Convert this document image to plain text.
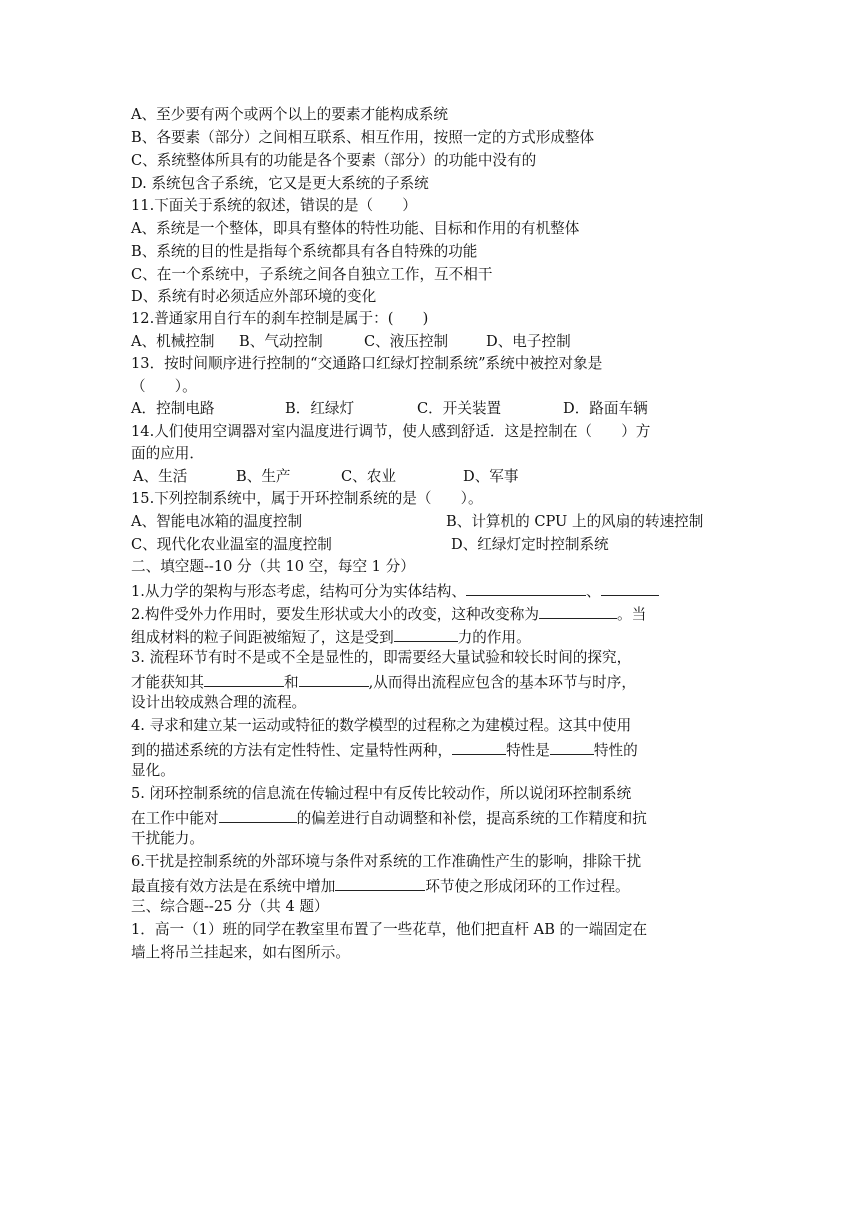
A、至少要有两个或两个以上的要素才能构成系统
B、各要素（部分）之间相互联系、相互作用，按照一定的方式形成整体
C、系统整体所具有的功能是各个要素（部分）的功能中没有的
D. 系统包含子系统，它又是更大系统的子系统
11.下面关于系统的叙述，错误的是（　　）
A、系统是一个整体，即具有整体的特性功能、目标和作用的有机整体
B、系统的目的性是指每个系统都具有各自特殊的功能
C、在一个系统中，子系统之间各自独立工作，互不相干
D、系统有时必须适应外部环境的变化
12.普通家用自行车的刹车控制是属于：(　　)
A、机械控制 B、气动控制	C、液压控制	D、电子控制
13．按时间顺序进行控制的“交通路口红绿灯控制系统”系统中被控对象是
（　　）。
A．控制电路	B．红绿灯	C．开关装置	D．路面车辆
14.人们使用空调器对室内温度进行调节，使人感到舒适．这是控制在（　　）方
面的应用．
A、生活	B、生产	C、农业	D、军事
15.下列控制系统中，属于开环控制系统的是（　　）。
A、智能电冰箱的温度控制	B、计算机的 CPU 上的风扇的转速控制
C、现代化农业温室的温度控制	D、红绿灯定时控制系统
二、填空题--10 分（共 10 空，每空 1 分）
1.从力学的架构与形态考虑，结构可分为实体结构、	、
2.构件受外力作用时，要发生形状或大小的改变，这种改变称为	。当
组成材料的粒子间距被缩短了，这是受到	力的作用。
3. 流程环节有时不是或不全是显性的，即需要经大量试验和较长时间的探究，
才能获知其	和	,从而得出流程应包含的基本环节与时序，
设计出较成熟合理的流程。
4. 寻求和建立某一运动或特征的数学模型的过程称之为建模过程。这其中使用
到的描述系统的方法有定性特性、定量特性两种，	特性是	特性的
显化。
5. 闭环控制系统的信息流在传输过程中有反传比较动作，所以说闭环控制系统
在工作中能对	的偏差进行自动调整和补偿，提高系统的工作精度和抗
干扰能力。
6.干扰是控制系统的外部环境与条件对系统的工作准确性产生的影响，排除干扰
最直接有效方法是在系统中增加	环节使之形成闭环的工作过程。
三、综合题--25 分（共 4 题）
1．高一（1）班的同学在教室里布置了一些花草，他们把直杆 AB 的一端固定在
墙上将吊兰挂起来，如右图所示。
